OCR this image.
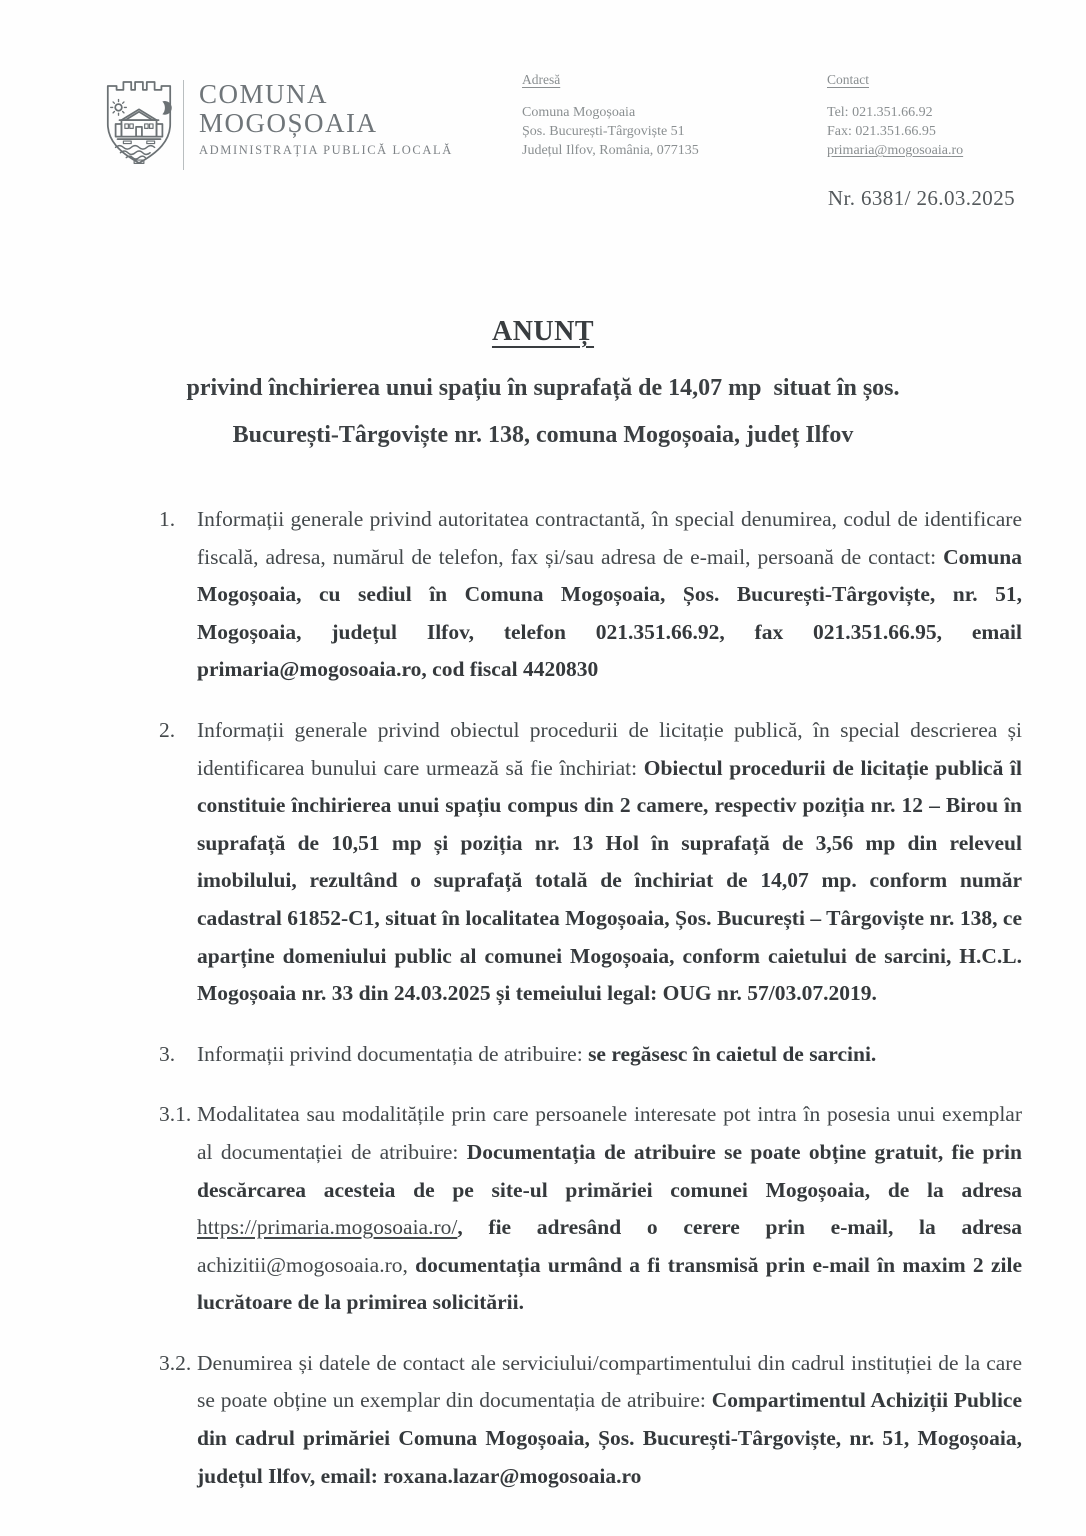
COMUNA
MOGOȘOAIA
ADMINISTRAȚIA PUBLICĂ LOCALĂ
Adresă
Comuna Mogoșoaia
Șos. București-Târgoviște 51
Județul Ilfov, România, 077135
Contact
Tel: 021.351.66.92
Fax: 021.351.66.95
primaria@mogosoaia.ro
Nr. 6381/ 26.03.2025
ANUNȚ
privind închirierea unui spațiu în suprafață de 14,07 mp  situat în șos.
București-Târgoviște nr. 138, comuna Mogoșoaia, județ Ilfov

1. Informații generale privind autoritatea contractantă, în special denumirea, codul de identificare fiscală, adresa, numărul de telefon, fax și/sau adresa de e-mail, persoană de contact: Comuna Mogoșoaia, cu sediul în Comuna Mogoșoaia, Șos. București-Târgoviște, nr. 51, Mogoșoaia, județul Ilfov, telefon 021.351.66.92, fax 021.351.66.95, email primaria@mogosoaia.ro, cod fiscal 4420830

2. Informații generale privind obiectul procedurii de licitație publică, în special descrierea și identificarea bunului care urmează să fie închiriat: Obiectul procedurii de licitație publică îl constituie închirierea unui spațiu compus din 2 camere, respectiv poziția nr. 12 – Birou în suprafață de 10,51 mp și poziția nr. 13 Hol în suprafață de 3,56 mp din releveul imobilului, rezultând o suprafață totală de închiriat de 14,07 mp. conform număr cadastral 61852-C1, situat în localitatea Mogoșoaia, Șos. București – Târgoviște nr. 138, ce aparține domeniului public al comunei Mogoșoaia, conform caietului de sarcini, H.C.L. Mogoșoaia nr. 33 din 24.03.2025 și temeiului legal: OUG nr. 57/03.07.2019.

3. Informații privind documentația de atribuire: se regăsesc în caietul de sarcini.

3.1. Modalitatea sau modalitățile prin care persoanele interesate pot intra în posesia unui exemplar al documentației de atribuire: Documentația de atribuire se poate obține gratuit, fie prin descărcarea acesteia de pe site-ul primăriei comunei Mogoșoaia, de la adresa https://primaria.mogosoaia.ro/, fie adresând o cerere prin e-mail, la adresa achizitii@mogosoaia.ro, documentația urmând a fi transmisă prin e-mail în maxim 2 zile lucrătoare de la primirea solicitării.

3.2. Denumirea și datele de contact ale serviciului/compartimentului din cadrul instituției de la care se poate obține un exemplar din documentația de atribuire: Compartimentul Achiziții Publice din cadrul primăriei Comuna Mogoșoaia, Șos. București-Târgoviște, nr. 51, Mogoșoaia, județul Ilfov, email: roxana.lazar@mogosoaia.ro
